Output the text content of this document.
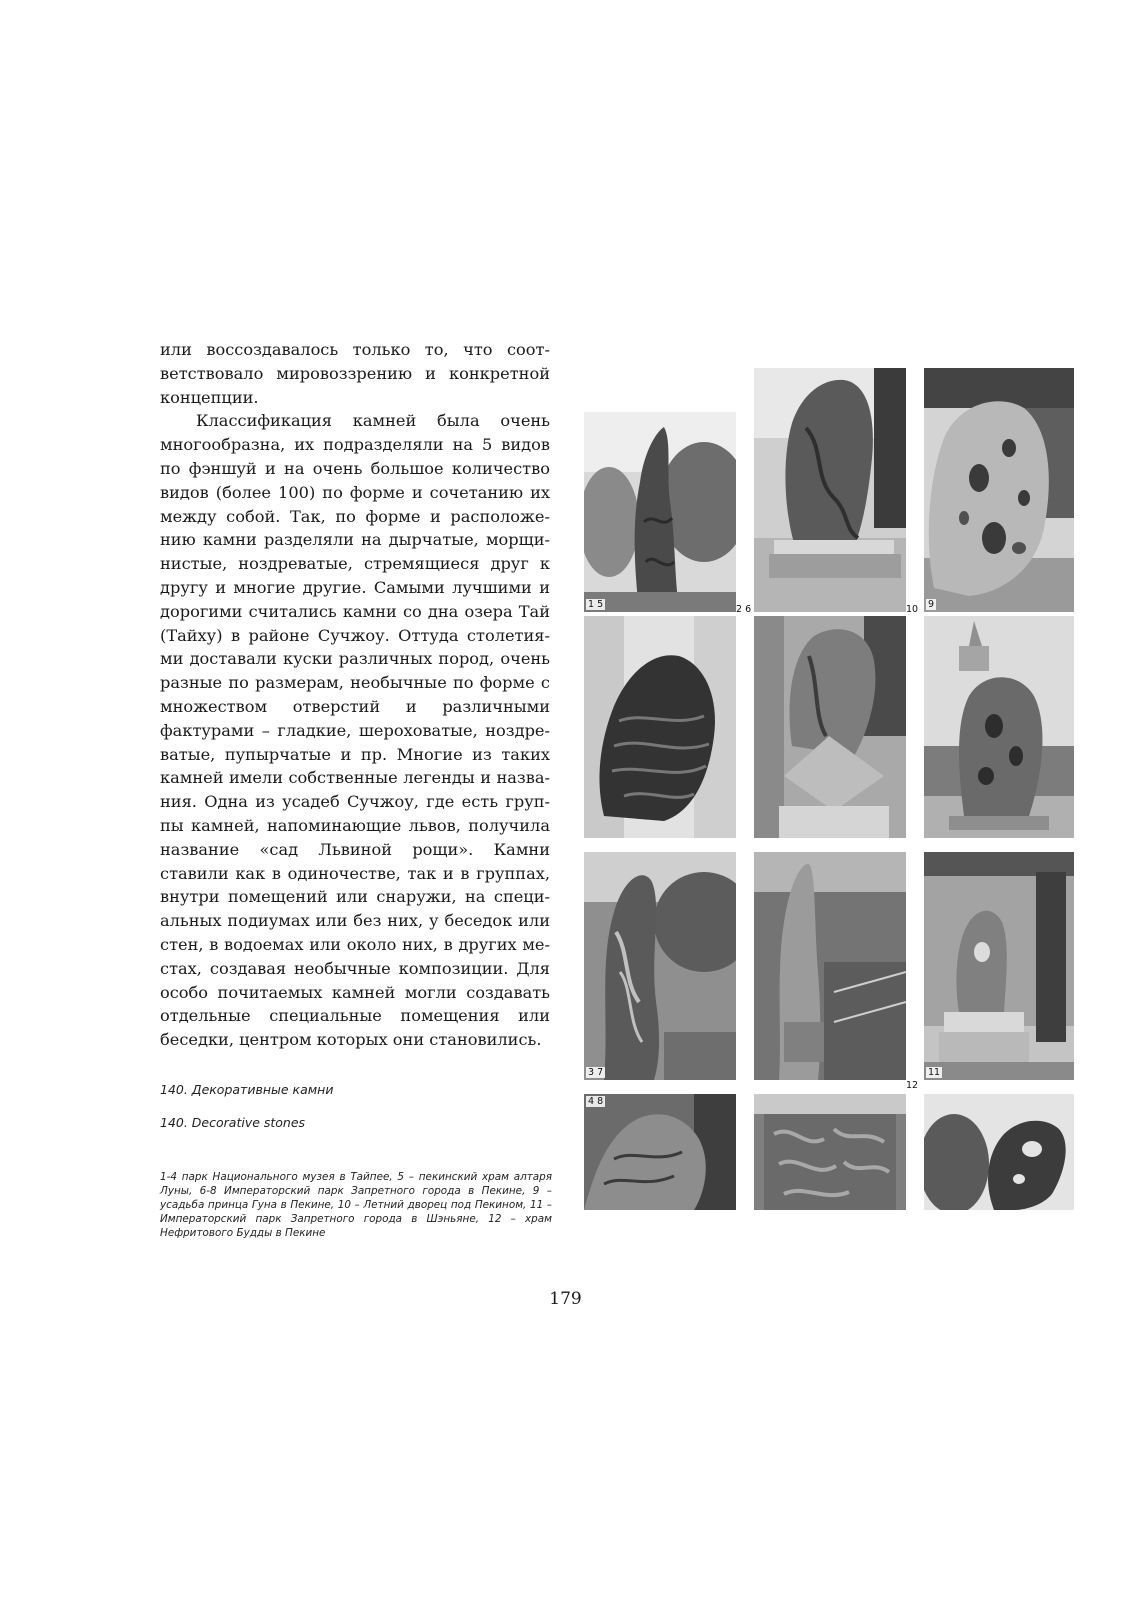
или воссоздавалось только то, что соответствовало мировоззрению и конкретной концепции.

Классификация камней была очень многообразна, их подразделяли на 5 видов по фэншуй и на очень большое количество видов (более 100) по форме и сочетанию их между собой. Так, по форме и расположению камни разделяли на дырчатые, морщинистые, ноздреватые, стремящиеся друг к другу и многие другие. Самыми лучшими и дорогими считались камни со дна озера Тай (Тайху) в районе Сучжоу. Оттуда столетиями доставали куски различных пород, очень разные по размерам, необычные по форме с множеством отверстий и различными фактурами – гладкие, шероховатые, ноздреватые, пупырчатые и пр. Многие из таких камней имели собственные легенды и названия. Одна из усадеб Сучжоу, где есть группы камней, напоминающие львов, получила название «сад Львиной рощи». Камни ставили как в одиночестве, так и в группах, внутри помещений или снаружи, на специальных подиумах или без них, у беседок или стен, в водоемах или около них, в других местах, создавая необычные композиции. Для особо почитаемых камней могли создавать отдельные специальные помещения или беседки, центром которых они становились.

140. Декоративные камни
140. Decorative stones
1-4 парк Национального музея в Тайпее, 5 – пекинский храм алтаря Луны, 6-8 Императорский парк Запретного города в Пекине, 9 – усадьба принца Гуна в Пекине, 10 – Летний дворец под Пекином, 11 – Императорский парк Запретного города в Шэньяне, 12 – храм Нефритового Будды в Пекине
179
1 5	9
2 6	10
3 7	11
12
4 8
